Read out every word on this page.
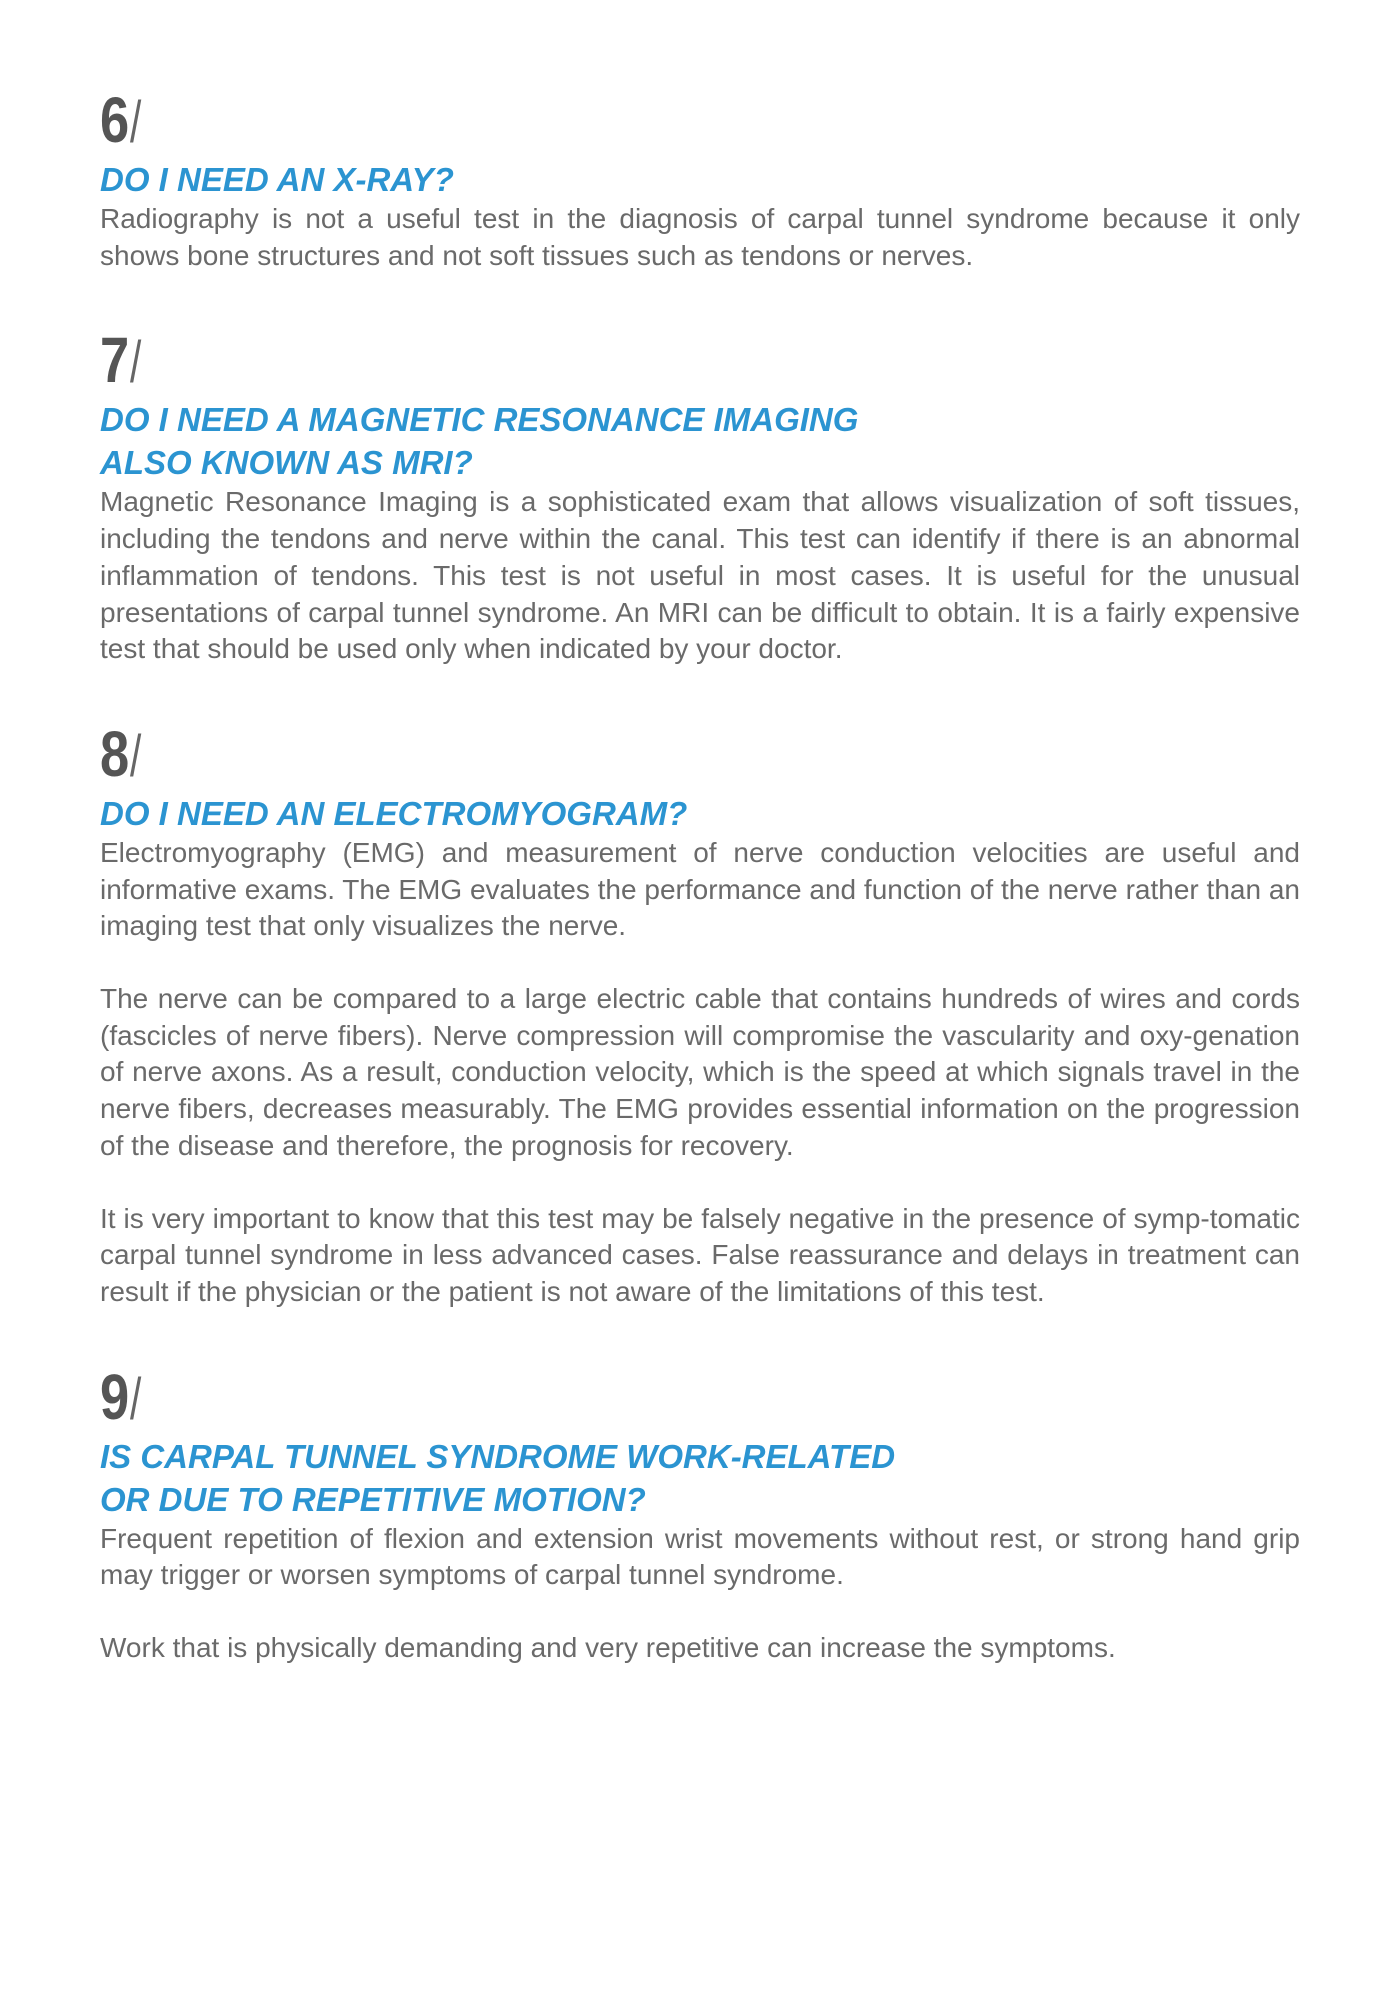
6 /
DO I NEED AN X-RAY?

Radiography is not a useful test in the diagnosis of carpal tunnel syndrome because it only shows bone structures and not soft tissues such as tendons or nerves.

7 /
DO I NEED A MAGNETIC RESONANCE IMAGING
ALSO KNOWN AS MRI?

Magnetic Resonance Imaging is a sophisticated exam that allows visualization of soft tissues, including the tendons and nerve within the canal. This test can identify if there is an abnormal inflammation of tendons. This test is not useful in most cases. It is useful for the unusual presentations of carpal tunnel syndrome. An MRI can be difficult to obtain. It is a fairly expensive test that should be used only when indicated by your doctor.

8 /
DO I NEED AN ELECTROMYOGRAM?

Electromyography (EMG) and measurement of nerve conduction velocities are useful and informative exams. The EMG evaluates the performance and function of the nerve rather than an imaging test that only visualizes the nerve.

The nerve can be compared to a large electric cable that contains hundreds of wires and cords (fascicles of nerve fibers). Nerve compression will compromise the vascularity and oxy-genation of nerve axons. As a result, conduction velocity, which is the speed at which signals travel in the nerve fibers, decreases measurably. The EMG provides essential information on the progression of the disease and therefore, the prognosis for recovery.

It is very important to know that this test may be falsely negative in the presence of symp-tomatic carpal tunnel syndrome in less advanced cases. False reassurance and delays in treatment can result if the physician or the patient is not aware of the limitations of this test.

9 /
IS CARPAL TUNNEL SYNDROME WORK-RELATED
OR DUE TO REPETITIVE MOTION?

Frequent repetition of flexion and extension wrist movements without rest, or strong hand grip may trigger or worsen symptoms of carpal tunnel syndrome.

Work that is physically demanding and very repetitive can increase the symptoms.
